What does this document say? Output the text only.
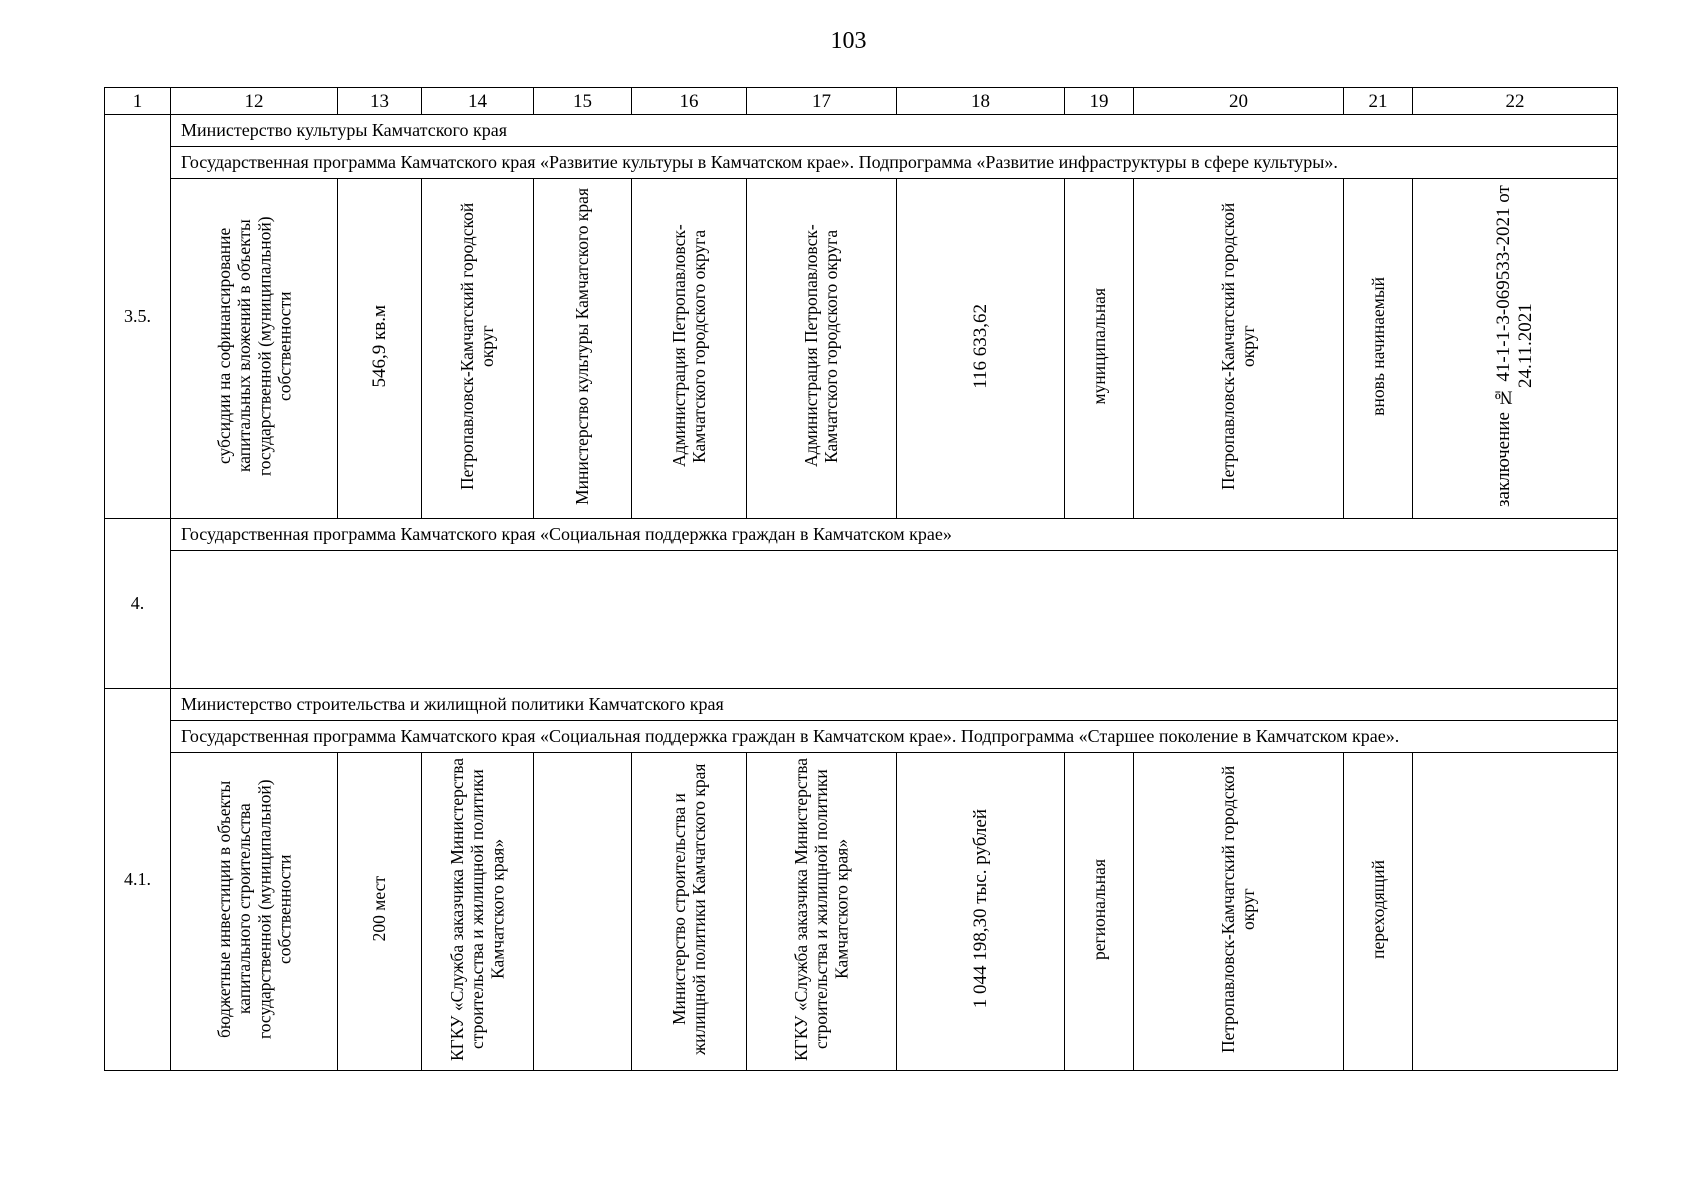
103
1	12	13	14	15	16	17	18	19	20	21	22
3.5.	Министерство культуры Камчатского края										
	Государственная программа Камчатского края «Развитие культуры в Камчатском крае». Подпрограмма «Развитие инфраструктуры в сфере культуры».										
	субсидии на софинансирование капитальных вложений в объекты государственной (муниципальной) собственности	546,9 кв.м	Петропавловск-Камчатский городской округ	Министерство культуры Камчатского края	Администрация Петропавловск-Камчатского городского округа	Администрация Петропавловск-Камчатского городского округа	116 633,62	муниципальная	Петропавловск-Камчатский городской округ	вновь начинаемый	заключение № 41-1-1-3-069533-2021 от 24.11.2021
4.	Государственная программа Камчатского края «Социальная поддержка граждан в Камчатском крае»										

4.1.	Министерство строительства и жилищной политики Камчатского края										
	Государственная программа Камчатского края «Социальная поддержка граждан в Камчатском крае». Подпрограмма «Старшее поколение в Камчатском крае».										
	бюджетные инвестиции в объекты капитального строительства государственной (муниципальной) собственности	200 мест	КГКУ «Служба заказчика Министерства строительства и жилищной политики Камчатского края»		Министерство строительства и жилищной политики Камчатского края	КГКУ «Служба заказчика Министерства строительства и жилищной политики Камчатского края»	1 044 198,30 тыс. рублей	региональная	Петропавловск-Камчатский городской округ	переходящий	
